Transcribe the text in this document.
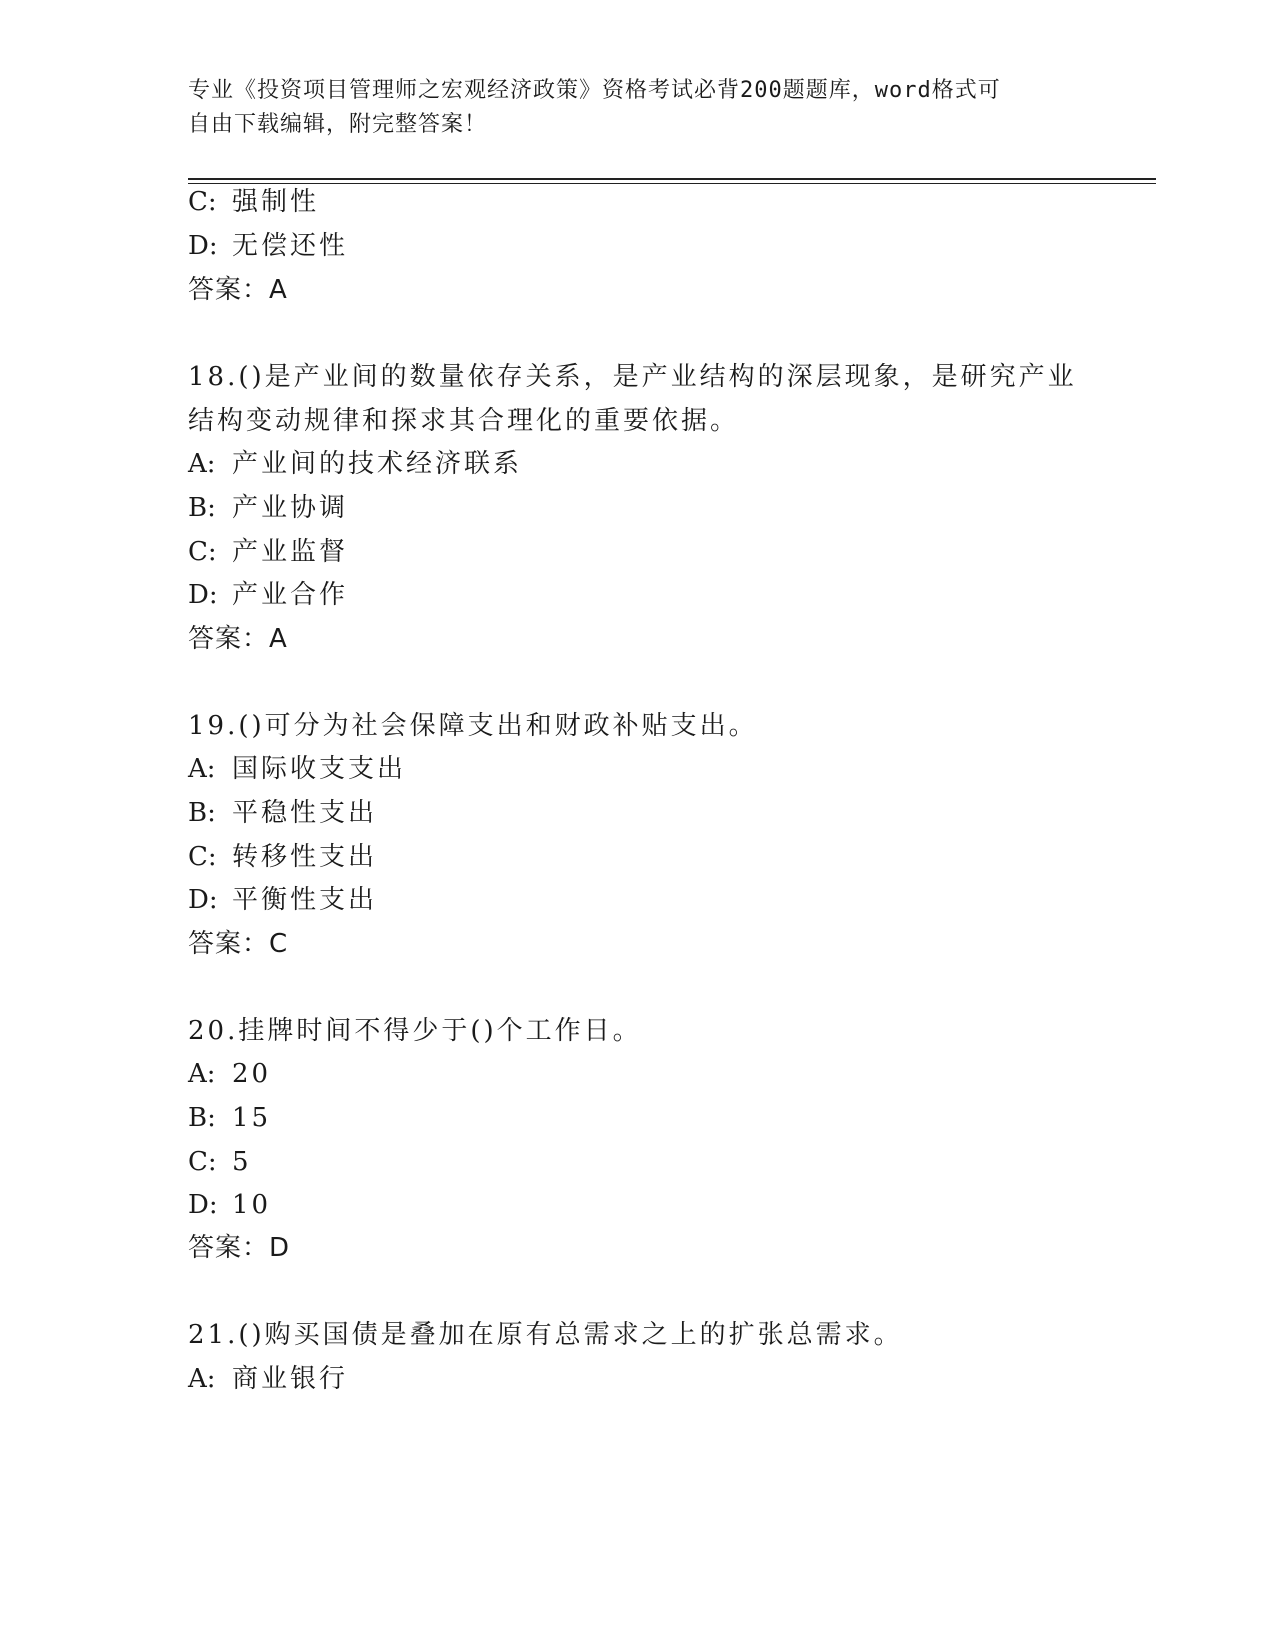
专业《投资项目管理师之宏观经济政策》资格考试必背200题题库，word格式可
自由下载编辑，附完整答案！
C: 强制性
D: 无偿还性
答案：A
18.()是产业间的数量依存关系，是产业结构的深层现象，是研究产业
结构变动规律和探求其合理化的重要依据。
A: 产业间的技术经济联系
B: 产业协调
C: 产业监督
D: 产业合作
答案：A
19.()可分为社会保障支出和财政补贴支出。
A: 国际收支支出
B: 平稳性支出
C: 转移性支出
D: 平衡性支出
答案：C
20.挂牌时间不得少于()个工作日。
A: 20
B: 15
C: 5
D: 10
答案：D
21.()购买国债是叠加在原有总需求之上的扩张总需求。
A: 商业银行
